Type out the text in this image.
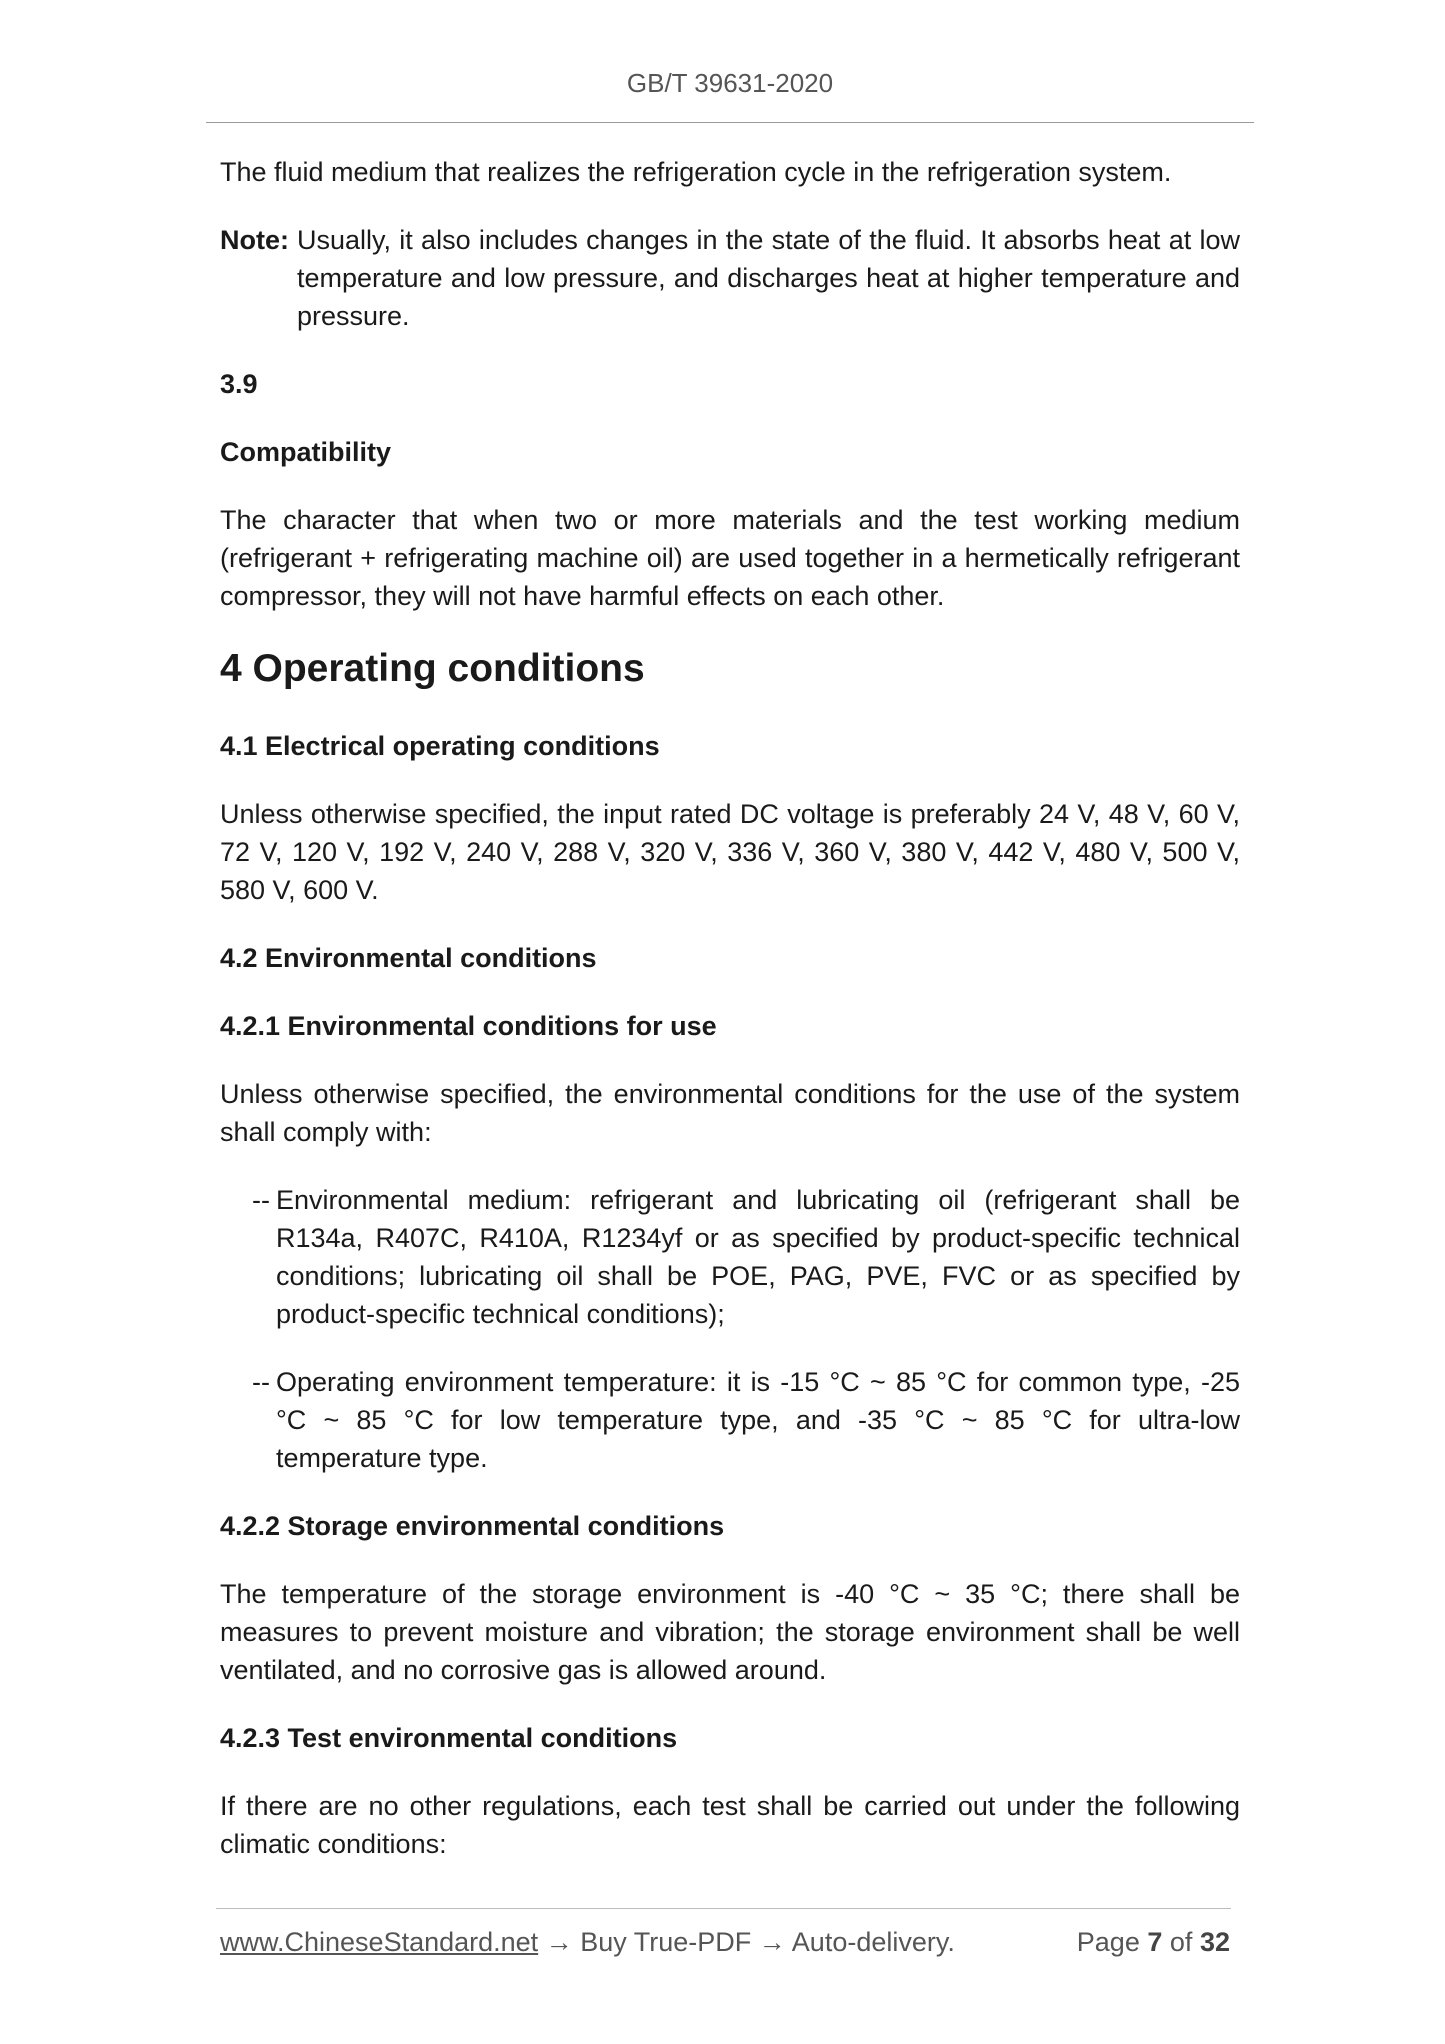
GB/T 39631-2020

The fluid medium that realizes the refrigeration cycle in the refrigeration system.

Note: Usually, it also includes changes in the state of the fluid. It absorbs heat at low temperature and low pressure, and discharges heat at higher temperature and pressure.

3.9

Compatibility

The character that when two or more materials and the test working medium (refrigerant + refrigerating machine oil) are used together in a hermetically refrigerant compressor, they will not have harmful effects on each other.

4 Operating conditions
4.1 Electrical operating conditions

Unless otherwise specified, the input rated DC voltage is preferably 24 V, 48 V, 60 V, 72 V, 120 V, 192 V, 240 V, 288 V, 320 V, 336 V, 360 V, 380 V, 442 V, 480 V, 500 V, 580 V, 600 V.

4.2 Environmental conditions
4.2.1 Environmental conditions for use

Unless otherwise specified, the environmental conditions for the use of the system shall comply with:

-- Environmental medium: refrigerant and lubricating oil (refrigerant shall be R134a, R407C, R410A, R1234yf or as specified by product-specific technical conditions; lubricating oil shall be POE, PAG, PVE, FVC or as specified by product-specific technical conditions);
-- Operating environment temperature: it is -15 °C ~ 85 °C for common type, -25 °C ~ 85 °C for low temperature type, and -35 °C ~ 85 °C for ultra-low temperature type.
4.2.2 Storage environmental conditions

The temperature of the storage environment is -40 °C ~ 35 °C; there shall be measures to prevent moisture and vibration; the storage environment shall be well ventilated, and no corrosive gas is allowed around.

4.2.3 Test environmental conditions

If there are no other regulations, each test shall be carried out under the following climatic conditions:

www.ChineseStandard.net → Buy True-PDF → Auto-delivery.	Page 7 of 32
